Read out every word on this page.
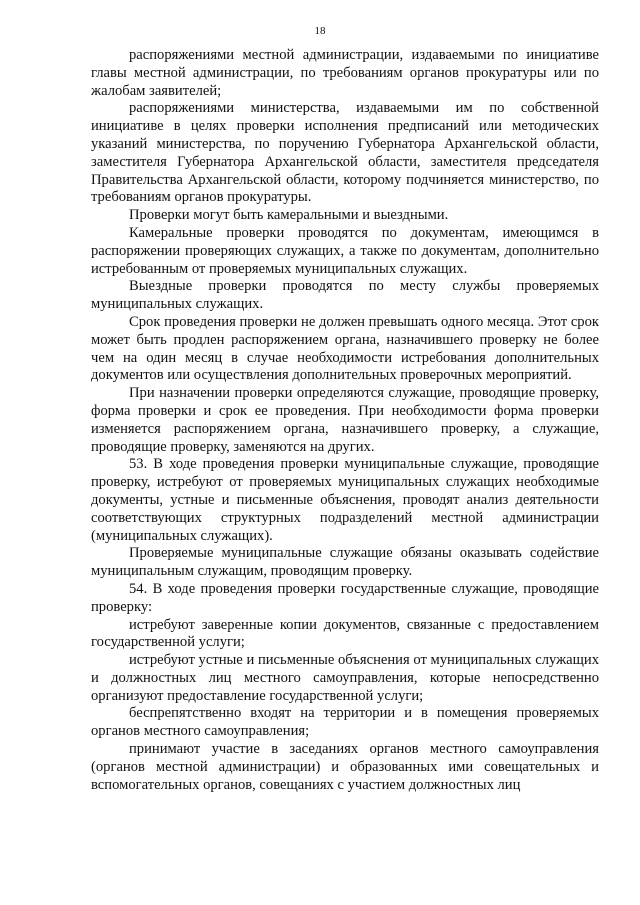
18

распоряжениями местной администрации, издаваемыми по инициативе главы местной администрации, по требованиям органов прокуратуры или по жалобам заявителей;

распоряжениями министерства, издаваемыми им по собственной инициативе в целях проверки исполнения предписаний или методических указаний министерства, по поручению Губернатора Архангельской области, заместителя Губернатора Архангельской области, заместителя председателя Правительства Архангельской области, которому подчиняется министерство, по требованиям органов прокуратуры.

Проверки могут быть камеральными и выездными.

Камеральные проверки проводятся по документам, имеющимся в распоряжении проверяющих служащих, а также по документам, дополнительно истребованным от проверяемых муниципальных служащих.

Выездные проверки проводятся по месту службы проверяемых муниципальных служащих.

Срок проведения проверки не должен превышать одного месяца. Этот срок может быть продлен распоряжением органа, назначившего проверку не более чем на один месяц в случае необходимости истребования дополнительных документов или осуществления дополнительных проверочных мероприятий.

При назначении проверки определяются служащие, проводящие проверку, форма проверки и срок ее проведения. При необходимости форма проверки изменяется распоряжением органа, назначившего проверку, а служащие, проводящие проверку, заменяются на других.

53. В ходе проведения проверки муниципальные служащие, проводящие проверку, истребуют от проверяемых муниципальных служащих необходимые документы, устные и письменные объяснения, проводят анализ деятельности соответствующих структурных подразделений местной администрации (муниципальных служащих).

Проверяемые муниципальные служащие обязаны оказывать содействие муниципальным служащим, проводящим проверку.

54. В ходе проведения проверки государственные служащие, проводящие проверку:

истребуют заверенные копии документов, связанные с предоставлением государственной услуги;

истребуют устные и письменные объяснения от муниципальных служащих и должностных лиц местного самоуправления, которые непосредственно организуют предоставление государственной услуги;

беспрепятственно входят на территории и в помещения проверяемых органов местного самоуправления;

принимают участие в заседаниях органов местного самоуправления (органов местной администрации) и образованных ими совещательных и вспомогательных органов, совещаниях с участием должностных лиц
